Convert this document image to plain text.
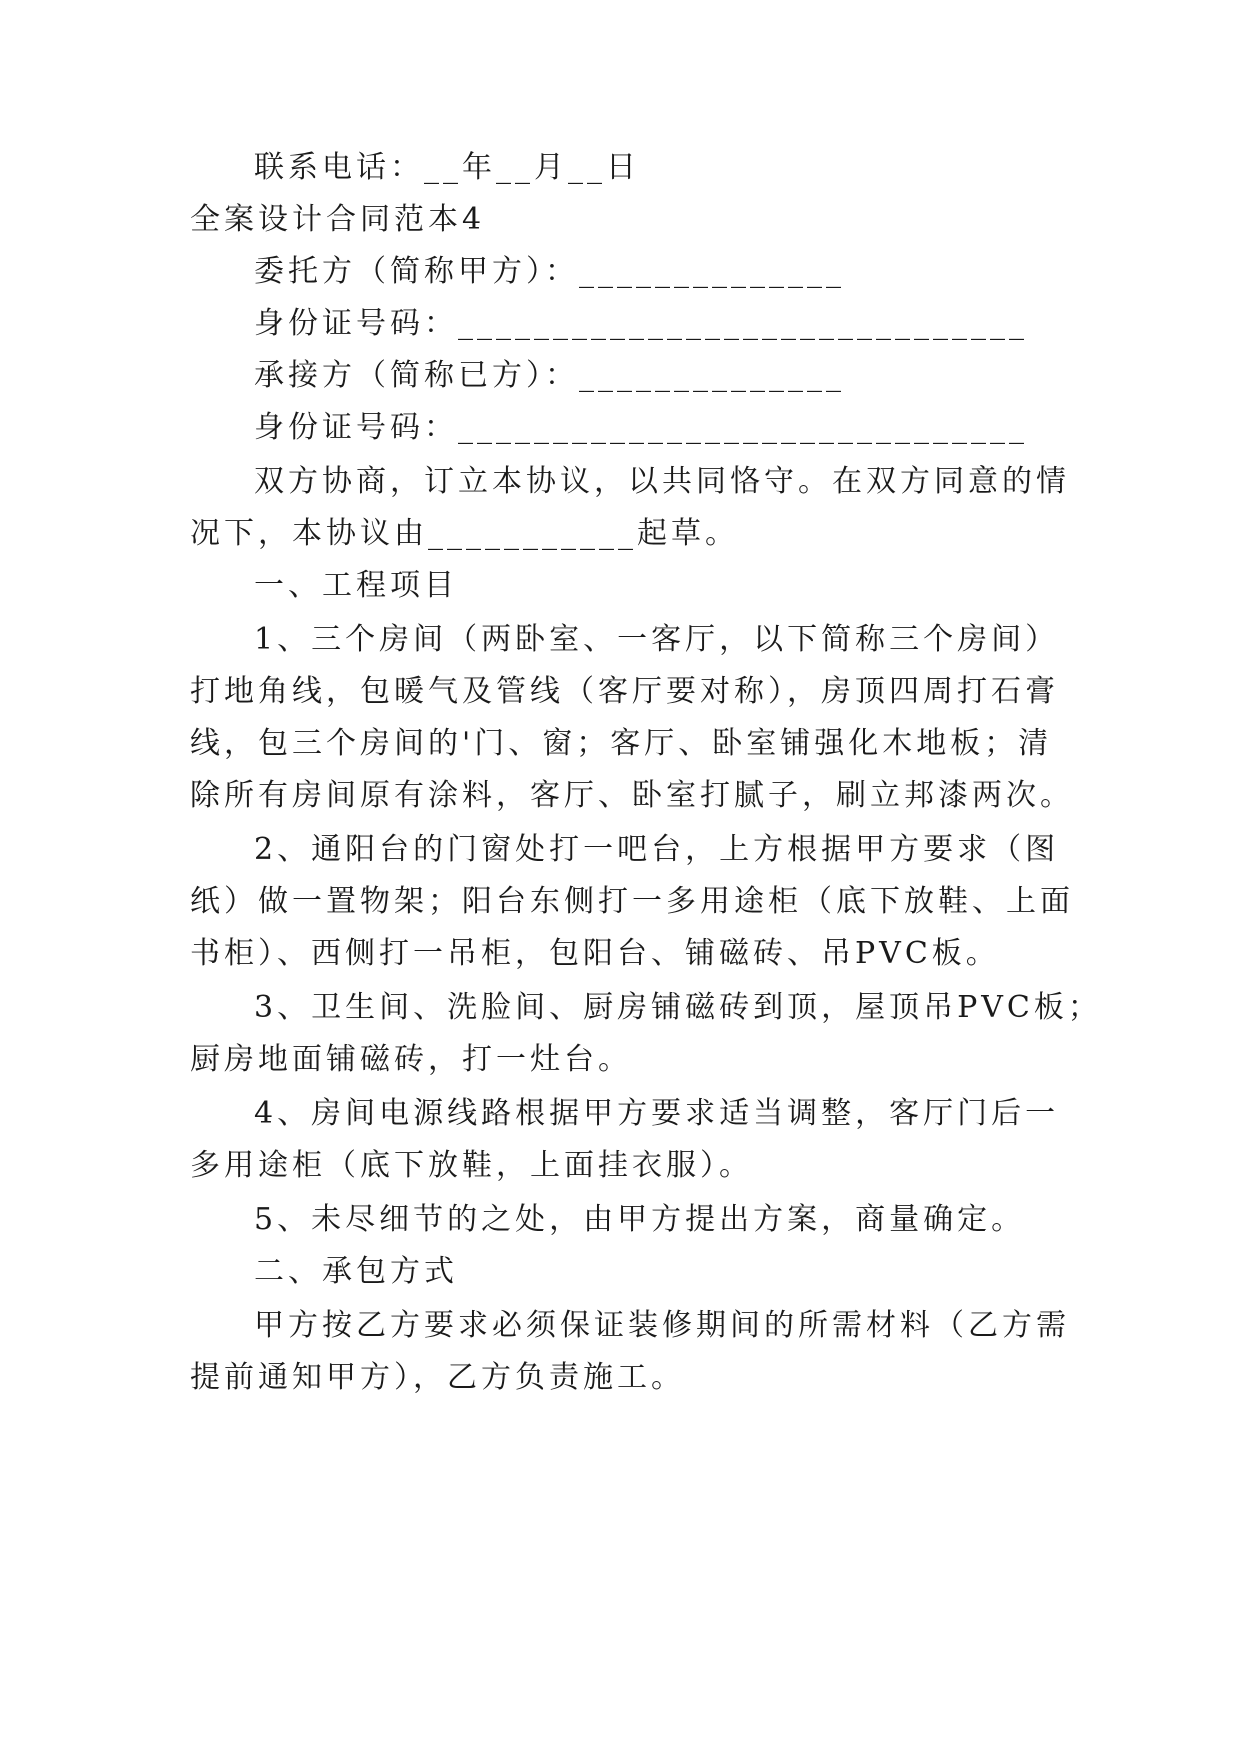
联系电话：__年__月__日
全案设计合同范本4
委托方（简称甲方）：______________
身份证号码：______________________________
承接方（简称已方）：______________
身份证号码：______________________________
双方协商，订立本协议，以共同恪守。在双方同意的情
况下，本协议由___________起草。
一、工程项目
1、三个房间（两卧室、一客厅，以下简称三个房间）
打地角线，包暖气及管线（客厅要对称），房顶四周打石膏
线，包三个房间的'门、窗；客厅、卧室铺强化木地板；清
除所有房间原有涂料，客厅、卧室打腻子，刷立邦漆两次。
2、通阳台的门窗处打一吧台，上方根据甲方要求（图
纸）做一置物架；阳台东侧打一多用途柜（底下放鞋、上面
书柜）、西侧打一吊柜，包阳台、铺磁砖、吊PVC板。
3、卫生间、洗脸间、厨房铺磁砖到顶，屋顶吊PVC板；
厨房地面铺磁砖，打一灶台。
4、房间电源线路根据甲方要求适当调整，客厅门后一
多用途柜（底下放鞋，上面挂衣服）。
5、未尽细节的之处，由甲方提出方案，商量确定。
二、承包方式
甲方按乙方要求必须保证装修期间的所需材料（乙方需
提前通知甲方），乙方负责施工。
